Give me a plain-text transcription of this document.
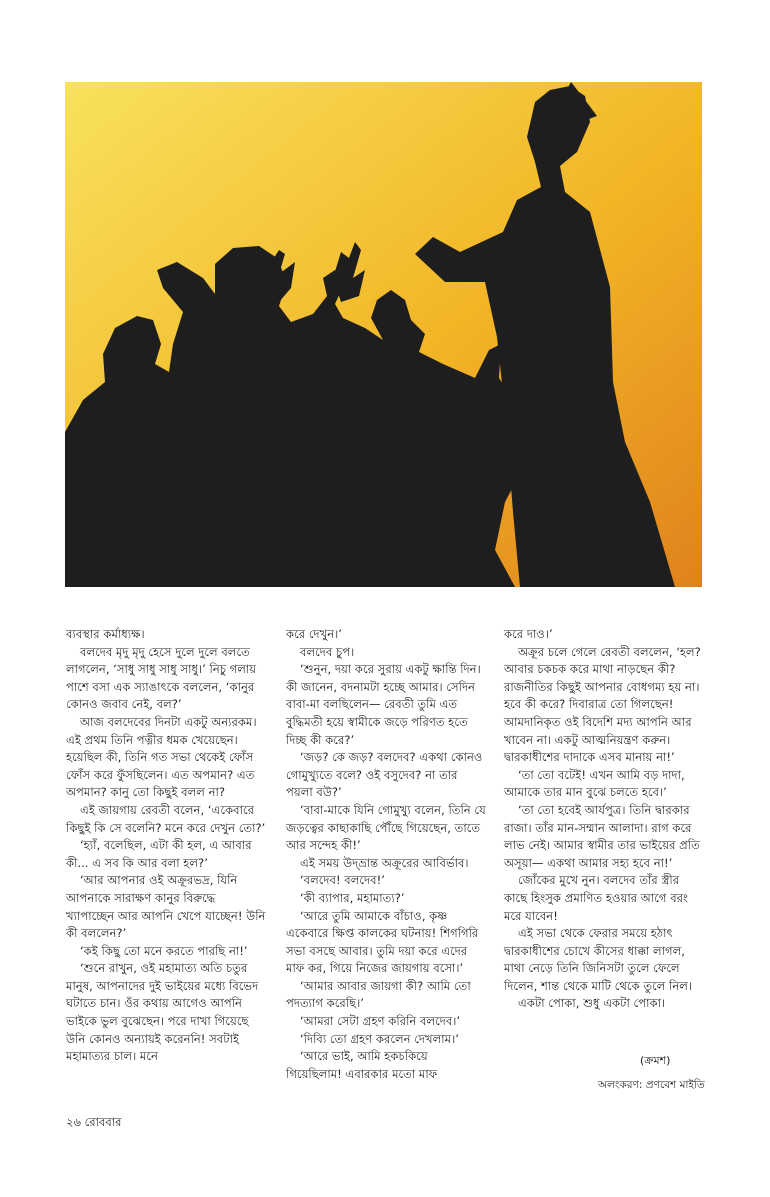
ব্যবস্থার কর্মাধ্যক্ষ।

বলদেব মৃদু মৃদু হেসে দুলে দুলে বলতে লাগলেন, ‘সাধু সাধু সাধু সাধু।’ নিচু গলায় পাশে বসা এক স্যাঙাৎকে বললেন, ‘কানুর কোনও জবাব নেই, বল?’

আজ বলদেবের দিনটা একটু অন্যরকম। এই প্রথম তিনি পত্নীর ধমক খেয়েছেন। হয়েছিল কী, তিনি গত সভা থেকেই ফোঁস ফোঁস করে ফুঁসছিলেন। এত অপমান? এত অপমান? কানু তো কিছুই বলল না?

এই জায়গায় রেবতী বলেন, ‘একেবারে কিছুই কি সে বলেনি? মনে করে দেখুন তো?’

‘হ্যাঁ, বলেছিল, এটা কী হল, এ আবার কী... এ সব কি আর বলা হল?’

‘আর আপনার ওই অক্রূরভদ্র, যিনি আপনাকে সারাক্ষণ কানুর বিরুদ্ধে খ্যাপাচ্ছেন আর আপনি খেপে যাচ্ছেন! উনি কী বললেন?’

‘কই কিছু তো মনে করতে পারছি না!’

‘শুনে রাখুন, ওই মহামাত্য অতি চতুর মানুষ, আপনাদের দুই ভাইয়ের মধ্যে বিভেদ ঘটাতে চান। ওঁর কথায় আগেও আপনি ভাইকে ভুল বুঝেছেন। পরে দাখা গিয়েছে উনি কোনও অন্যায়ই করেননি! সবটাই মহামাত্যর চাল। মনে

করে দেখুন।’

বলদেব চুপ।

‘শুনুন, দয়া করে সুরায় একটু ক্ষান্তি দিন। কী জানেন, বদনামটা হচ্ছে আমার। সেদিন বাবা-মা বলছিলেন— রেবতী তুমি এত বুদ্ধিমতী হয়ে স্বামীকে জড়ে পরিণত হতে দিচ্ছ কী করে?’

‘জড়? কে জড়? বলদেব? একথা কোনও গোমুখ্যুতে বলে? ওই বসুদেব? না তার পয়লা বউ?’

‘বাবা-মাকে যিনি গোমুখ্যু বলেন, তিনি যে জড়ত্বের কাছাকাছি পৌঁছে গিয়েছেন, তাতে আর সন্দেহ কী!’

এই সময় উদ্‌ভ্রান্ত অক্রূরের আবির্ভাব।

‘বলদেব! বলদেব!’

‘কী ব্যাপার, মহামাত্য?’

‘আরে তুমি আমাকে বাঁচাও, কৃষ্ণ একেবারে ক্ষিপ্ত কালকের ঘটনায়! শিগগিরি সভা বসছে আবার। তুমি দয়া করে এদের মাফ কর, গিয়ে নিজের জায়গায় বসো।’

‘আমার আবার জায়গা কী? আমি তো পদত্যাগ করেছি।’

‘আমরা সেটা গ্রহণ করিনি বলদেব।’

‘দিব্যি তো গ্রহণ করলেন দেখলাম।’

‘আরে ভাই, আমি হকচকিয়ে গিয়েছিলাম! এবারকার মতো মাফ

করে দাও।’

অক্রূর চলে গেলে রেবতী বললেন, ‘হল? আবার চকচক করে মাথা নাড়ছেন কী? রাজনীতির কিছুই আপনার বোধগম্য হয় না। হবে কী করে? দিবারাত্র তো গিলছেন! আমদানিকৃত ওই বিদেশি মদ্য আপনি আর খাবেন না। একটু আত্মনিয়ন্ত্রণ করুন। দ্বারকাধীশের দাদাকে এসব মানায় না!’

‘তা তো বটেই! এখন আমি বড় দাদা, আমাকে তার মান বুঝে চলতে হবে।’

‘তা তো হবেই আর্যপুত্র। তিনি দ্বারকার রাজা। তাঁর মান-সম্মান আলাদা। রাগ করে লাভ নেই। আমার স্বামীর তার ভাইয়ের প্রতি অসূয়া— একথা আমার সহ্য হবে না!’

জোঁকের মুখে নুন। বলদেব তাঁর স্ত্রীর কাছে হিংসুক প্রমাণিত হওয়ার আগে বরং মরে যাবেন!

এই সভা থেকে ফেরার সময়ে হঠাৎ দ্বারকাধীশের চোখে কীসের ধাক্কা লাগল, মাথা নেড়ে তিনি জিনিসটা তুলে ফেলে দিলেন, শান্ত থেকে মাটি থেকে তুলে নিল।

একটা পোকা, শুধু একটা পোকা।

(ক্রমশ)
অলংকরণ: প্রণবেশ মাইতি
২৬ রোববার
